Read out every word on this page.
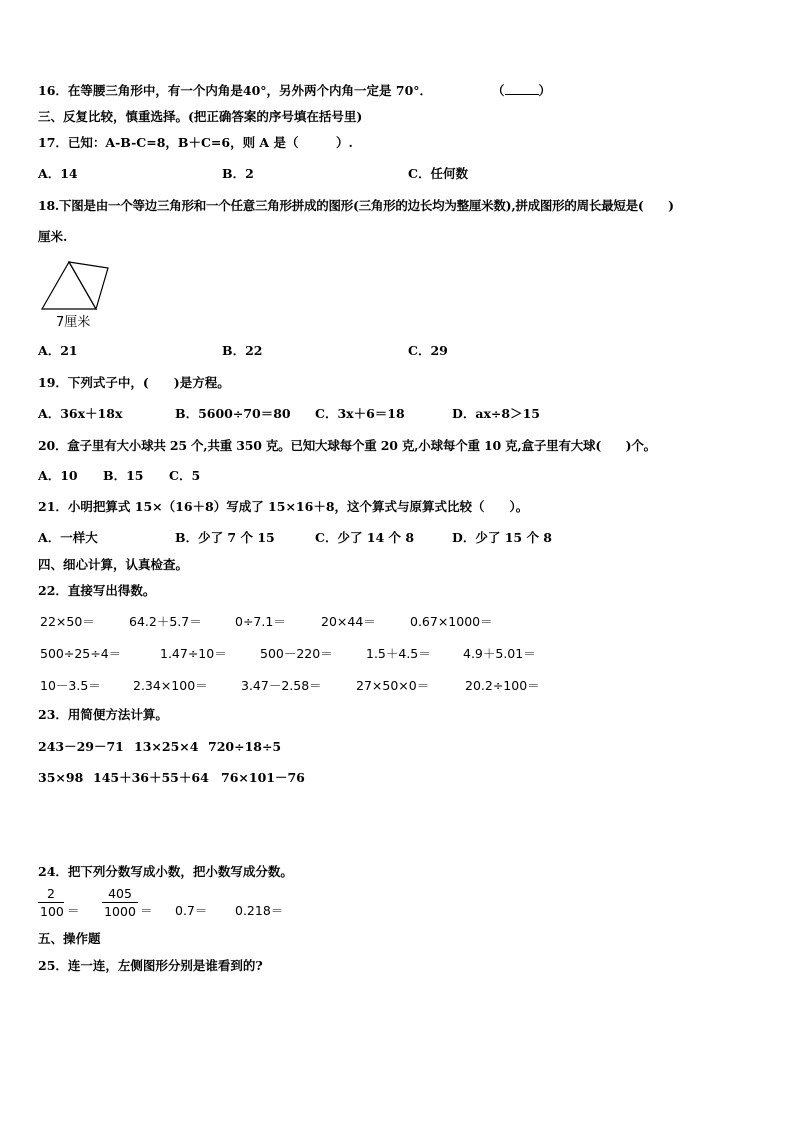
16．在等腰三角形中，有一个内角是40°，另外两个内角一定是 70°．	（	）
三、反复比较，慎重选择。(把正确答案的序号填在括号里)
17．已知：A-B-C=8，B＋C=6，则 A 是（　　　）.
A．14	B．2	C．任何数
18.下图是由一个等边三角形和一个任意三角形拼成的图形(三角形的边长均为整厘米数),拼成图形的周长最短是(　　)
厘米.
7厘米
A．21	B．22	C．29
19．下列式子中，(　　)是方程。
A．36x＋18x	B．5600÷70＝80 C．3x＋6＝18	D．ax÷8＞15
20．盒子里有大小球共 25 个,共重 350 克。已知大球每个重 20 克,小球每个重 10 克,盒子里有大球(　　)个。
A．10 B．15 C．5
21．小明把算式 15×（16＋8）写成了 15×16＋8，这个算式与原算式比较（　　）。
A．一样大	B．少了 7 个 15	C．少了 14 个 8	D．少了 15 个 8
四、细心计算，认真检查。
22．直接写出得数。
22×50＝	64.2＋5.7＝	0÷7.1＝	20×44＝	0.67×1000＝
500÷25÷4＝	1.47÷10＝	500－220＝	1.5＋4.5＝	4.9＋5.01＝
10－3.5＝	2.34×100＝	3.47－2.58＝	27×50×0＝	20.2÷100＝
23．用简便方法计算。
243－29－71 13×25×4 720÷18÷5
35×98 145＋36＋55＋64 76×101－76
24．把下列分数写成小数，把小数写成分数。
2
100 ＝
405
1000 ＝ 0.7＝ 0.218＝
五、操作题
25．连一连，左侧图形分别是谁看到的?
